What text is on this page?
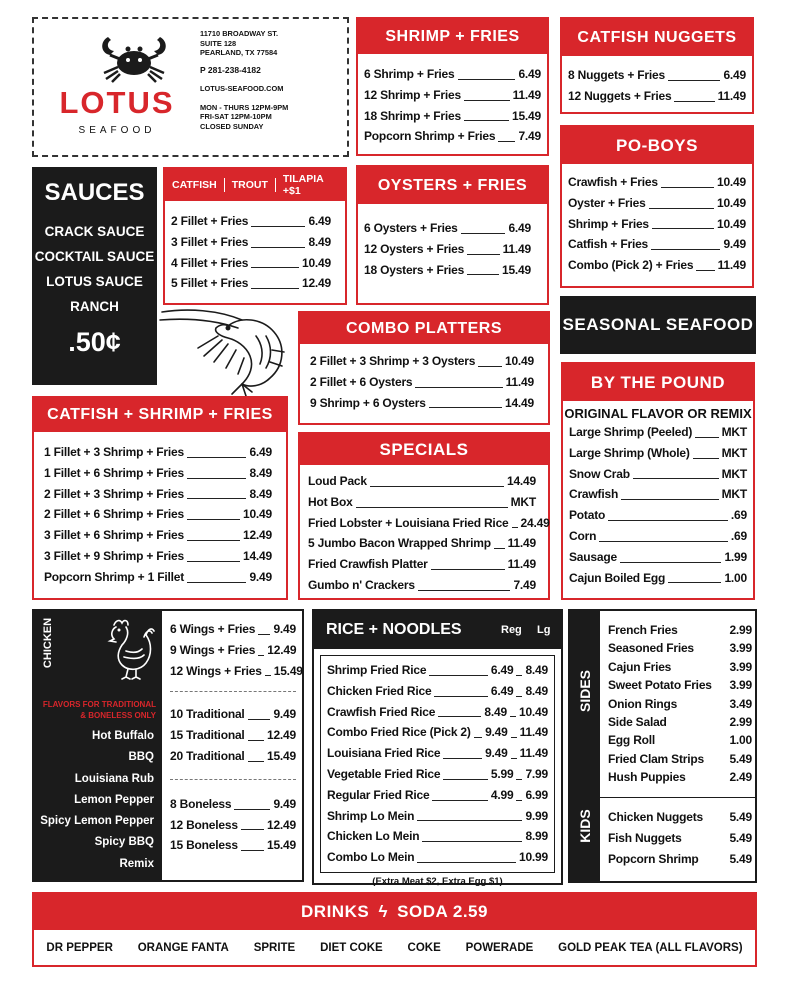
LOTUS
SEAFOOD
11710 BROADWAY ST.
SUITE 128
PEARLAND, TX 77584
P 281-238-4182
LOTUS-SEAFOOD.COM
MON - THURS 12PM-9PM
FRI-SAT 12PM-10PM
CLOSED SUNDAY
SHRIMP + FRIES
6 Shrimp + Fries	6.49
12 Shrimp + Fries	11.49
18 Shrimp + Fries	15.49
Popcorn Shrimp + Fries 7.49
CATFISH NUGGETS
8 Nuggets + Fries	6.49
12 Nuggets + Fries	11.49
SAUCES
CRACK SAUCE
COCKTAIL SAUCE
LOTUS SAUCE
RANCH
.50¢
CATFISH	TROUT	TILAPIA +$1
2 Fillet + Fries	6.49
3 Fillet + Fries	8.49
4 Fillet + Fries	10.49
5 Fillet + Fries	12.49
OYSTERS + FRIES
6 Oysters + Fries	6.49
12 Oysters + Fries	11.49
18 Oysters + Fries	15.49
PO-BOYS
Crawfish + Fries	10.49
Oyster + Fries	10.49
Shrimp + Fries	10.49
Catfish + Fries	9.49
Combo (Pick 2) + Fries 11.49
COMBO PLATTERS
2 Fillet + 3 Shrimp + 3 Oysters 10.49
2 Fillet + 6 Oysters	11.49
9 Shrimp + 6 Oysters	14.49
SEASONAL SEAFOOD
BY THE POUND
ORIGINAL FLAVOR OR REMIX
Large Shrimp (Peeled) MKT
Large Shrimp (Whole)	MKT
Snow Crab	MKT
Crawfish	MKT
Potato	.69
Corn	.69
Sausage	1.99
Cajun Boiled Egg	1.00
CATFISH + SHRIMP + FRIES
1 Fillet + 3 Shrimp + Fries	6.49
1 Fillet + 6 Shrimp + Fries	8.49
2 Fillet + 3 Shrimp + Fries	8.49
2 Fillet + 6 Shrimp + Fries	10.49
3 Fillet + 6 Shrimp + Fries	12.49
3 Fillet + 9 Shrimp + Fries	14.49
Popcorn Shrimp + 1 Fillet	9.49
SPECIALS
Loud Pack	14.49
Hot Box	MKT
Fried Lobster + Louisiana Fried Rice 24.49
5 Jumbo Bacon Wrapped Shrimp 11.49
Fried Crawfish Platter	11.49
Gumbo n' Crackers	7.49
CHICKEN
FLAVORS FOR TRADITIONAL & BONELESS ONLY
Hot Buffalo
BBQ
Louisiana Rub
Lemon Pepper
Spicy Lemon Pepper
Spicy BBQ
Remix
6 Wings + Fries 9.49
9 Wings + Fries 12.49
12 Wings + Fries 15.49
10 Traditional 9.49
15 Traditional 12.49
20 Traditional 15.49
8 Boneless	9.49
12 Boneless 12.49
15 Boneless 15.49
RICE + NOODLES	Reg	Lg
Shrimp Fried Rice	6.49 8.49
Chicken Fried Rice	6.49 8.49
Crawfish Fried Rice	8.49 10.49
Combo Fried Rice (Pick 2) 9.49 11.49
Louisiana Fried Rice	9.49 11.49
Vegetable Fried Rice	5.99 7.99
Regular Fried Rice	4.99 6.99
Shrimp Lo Mein	9.99
Chicken Lo Mein	8.99
Combo Lo Mein	10.99
(Extra Meat $2, Extra Egg $1)
SIDES
KIDS
French Fries	2.99
Seasoned Fries	3.99
Cajun Fries	3.99
Sweet Potato Fries 3.99
Onion Rings	3.49
Side Salad	2.99
Egg Roll	1.00
Fried Clam Strips 5.49
Hush Puppies	2.49
Chicken Nuggets 5.49
Fish Nuggets	5.49
Popcorn Shrimp	5.49
DRINKS ϟ SODA 2.59
DR PEPPER ORANGE FANTA SPRITE DIET COKE COKE POWERADE GOLD PEAK TEA (ALL FLAVORS)
